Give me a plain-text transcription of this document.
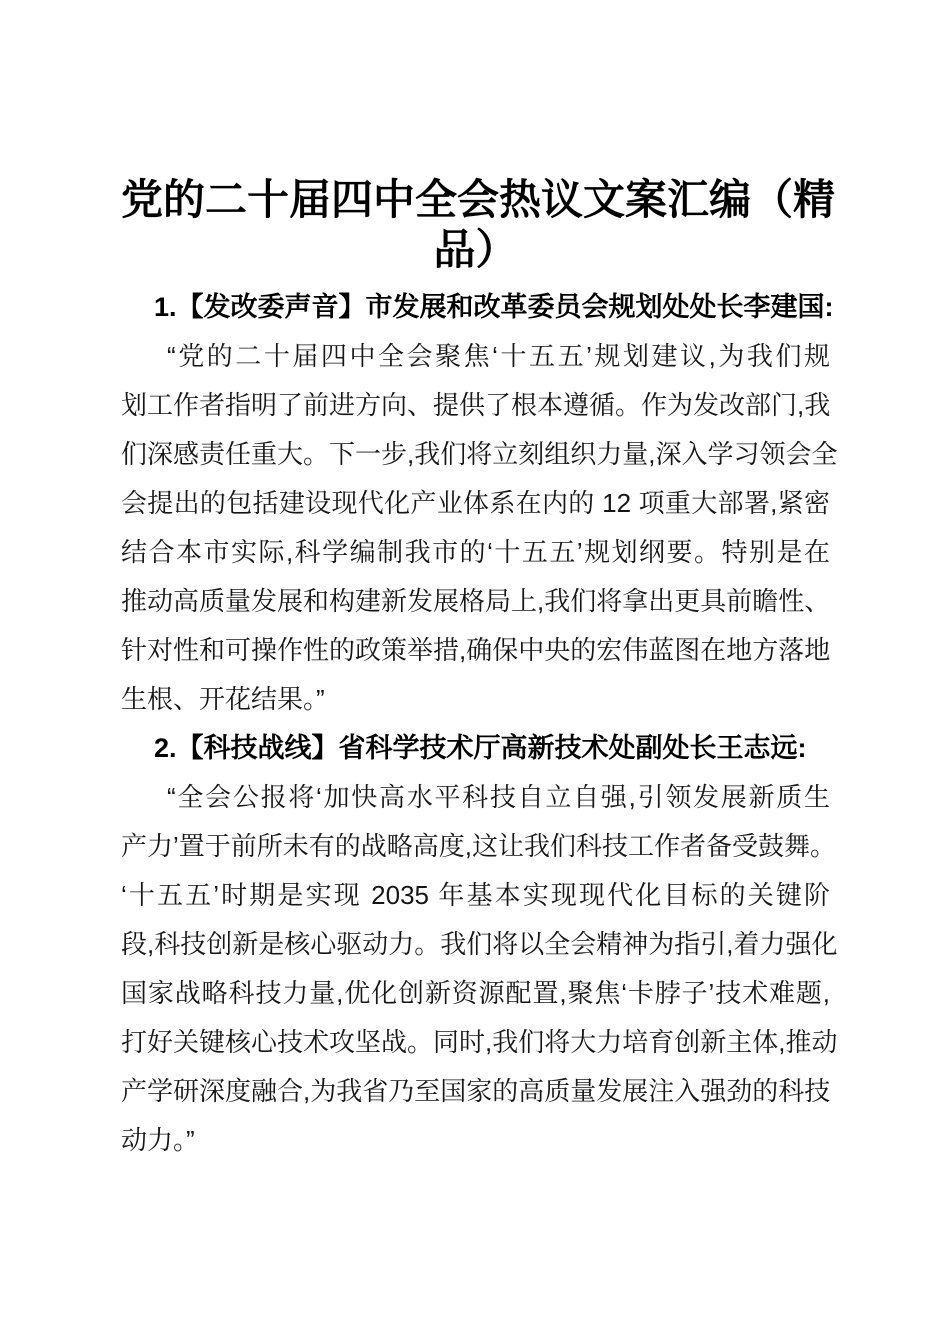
党的二十届四中全会热议文案汇编（精
品）
1.【发改委声音】市发展和改革委员会规划处处长李建国:
“党的二十届四中全会聚焦‘十五五’规划建议,为我们规
划工作者指明了前进方向、提供了根本遵循。作为发改部门,我
们深感责任重大。下一步,我们将立刻组织力量,深入学习领会全
会提出的包括建设现代化产业体系在内的 12 项重大部署,紧密
结合本市实际,科学编制我市的‘十五五’规划纲要。特别是在
推动高质量发展和构建新发展格局上,我们将拿出更具前瞻性、
针对性和可操作性的政策举措,确保中央的宏伟蓝图在地方落地
生根、开花结果。”
2.【科技战线】省科学技术厅高新技术处副处长王志远:
“全会公报将‘加快高水平科技自立自强,引领发展新质生
产力’置于前所未有的战略高度,这让我们科技工作者备受鼓舞。
‘十五五’时期是实现 2035 年基本实现现代化目标的关键阶
段,科技创新是核心驱动力。我们将以全会精神为指引,着力强化
国家战略科技力量,优化创新资源配置,聚焦‘卡脖子’技术难题,
打好关键核心技术攻坚战。同时,我们将大力培育创新主体,推动
产学研深度融合,为我省乃至国家的高质量发展注入强劲的科技
动力。”
